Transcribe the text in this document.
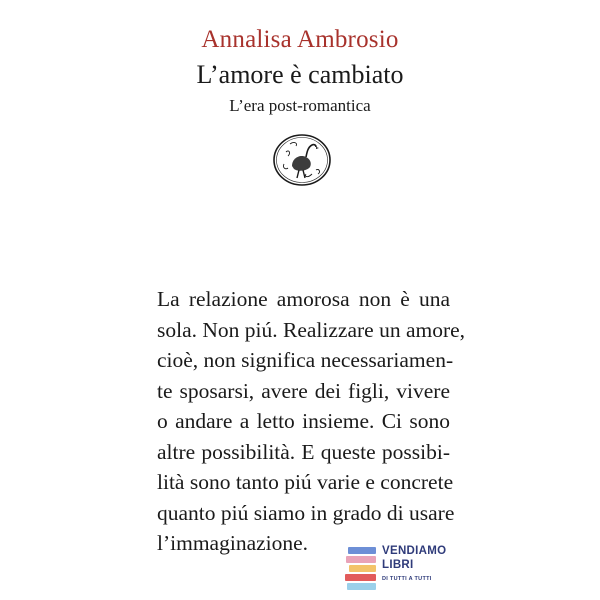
Annalisa Ambrosio
L’amore è cambiato
L’era post-romantica
La relazione amorosa non è una
sola. Non piú. Realizzare un amore,
cioè, non significa necessariamen-
te sposarsi, avere dei figli, vivere
o andare a letto insieme. Ci sono
altre possibilità. E queste possibi-
lità sono tanto piú varie e concrete
quanto piú siamo in grado di usare
l’immaginazione.	VENDIAMO
LIBRI
DI TUTTI A TUTTI
